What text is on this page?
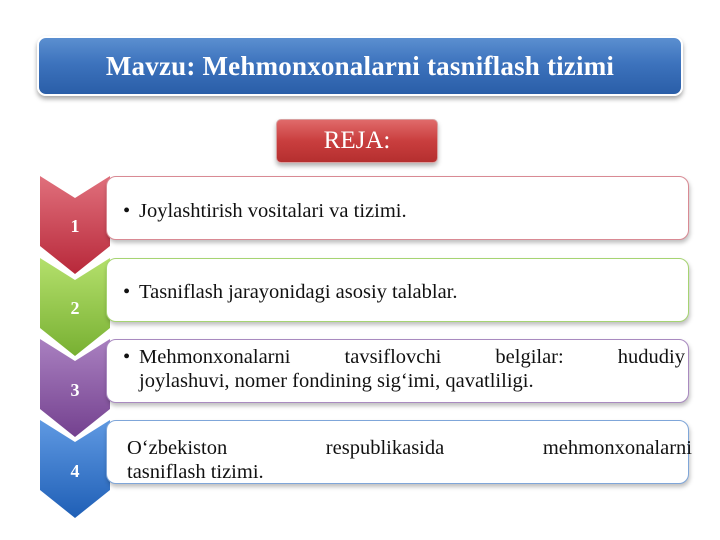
Mavzu: Mehmonxonalarni tasniflash tizimi
REJA:
1
• Joylashtirish vositalari va tizimi.
2
• Tasniflash jarayonidagi asosiy talablar.
3
• Mehmonxonalarni tavsiflovchi belgilar: hududiy
joylashuvi, nomer fondining sig‘imi, qavatliligi.
4
O‘zbekiston respublikasida mehmonxonalarni
tasniflash tizimi.
